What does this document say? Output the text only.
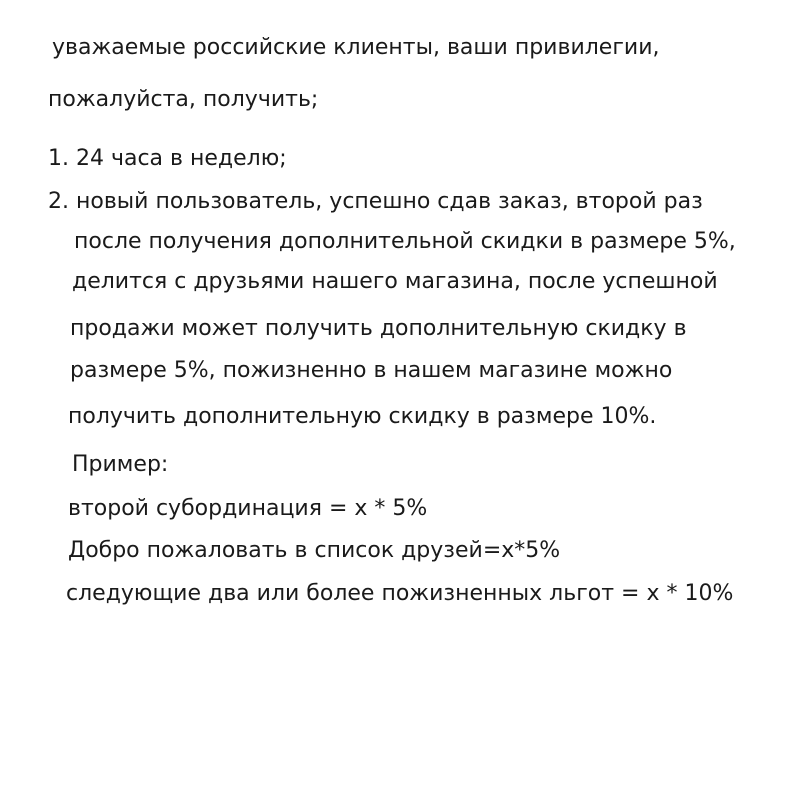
уважаемые российские клиенты, ваши привилегии,
пожалуйста, получить;
1. 24 часа в неделю;
2. новый пользователь, успешно сдав заказ, второй раз
после получения дополнительной скидки в размере 5%,
делится с друзьями нашего магазина, после успешной
продажи может получить дополнительную скидку в
размере 5%, пожизненно в нашем магазине можно
получить дополнительную скидку в размере 10%.
Пример:
второй субординация = x * 5%
Добро пожаловать в список друзей=x*5%
следующие два или более пожизненных льгот = x * 10%
